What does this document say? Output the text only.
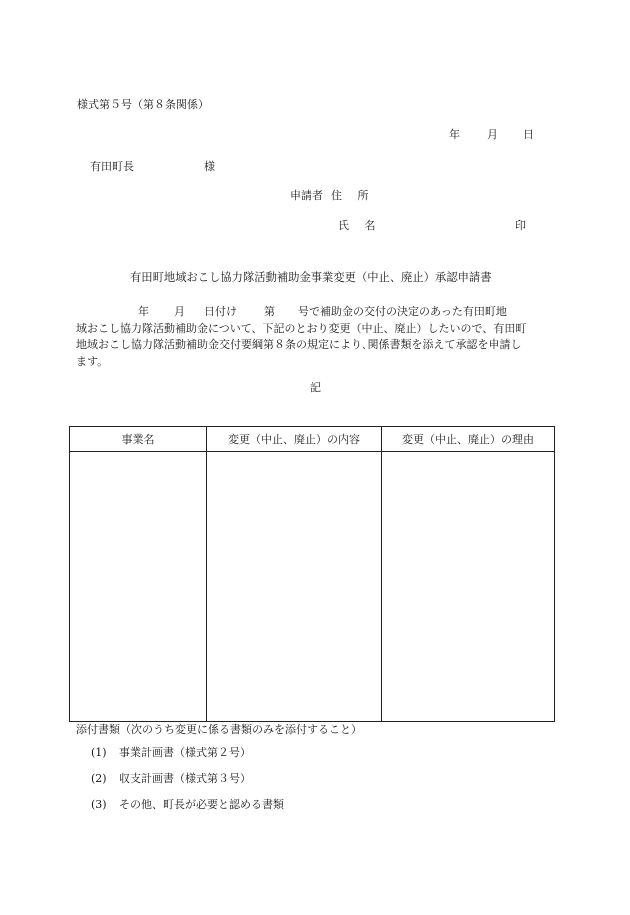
様式第５号（第８条関係）
年 月 日
有田町長	様
申請者 住 所
氏 名	印
有田町地域おこし協力隊活動補助金事業変更（中止、廃止）承認申請書
年 月 日付け 第 号で補助金の交付の決定のあった有田町地
域おこし協力隊活動補助金について、下記のとおり変更（中止、廃止）したいので、有田町
地域おこし協力隊活動補助金交付要綱第８条の規定により､関係書類を添えて承認を申請し
ます。
記
事業名	変更（中止、廃止）の内容	変更（中止、廃止）の理由

添付書類（次のうち変更に係る書類のみを添付すること）
(1) 事業計画書（様式第２号）
(2) 収支計画書（様式第３号）
(3) その他、町長が必要と認める書類
